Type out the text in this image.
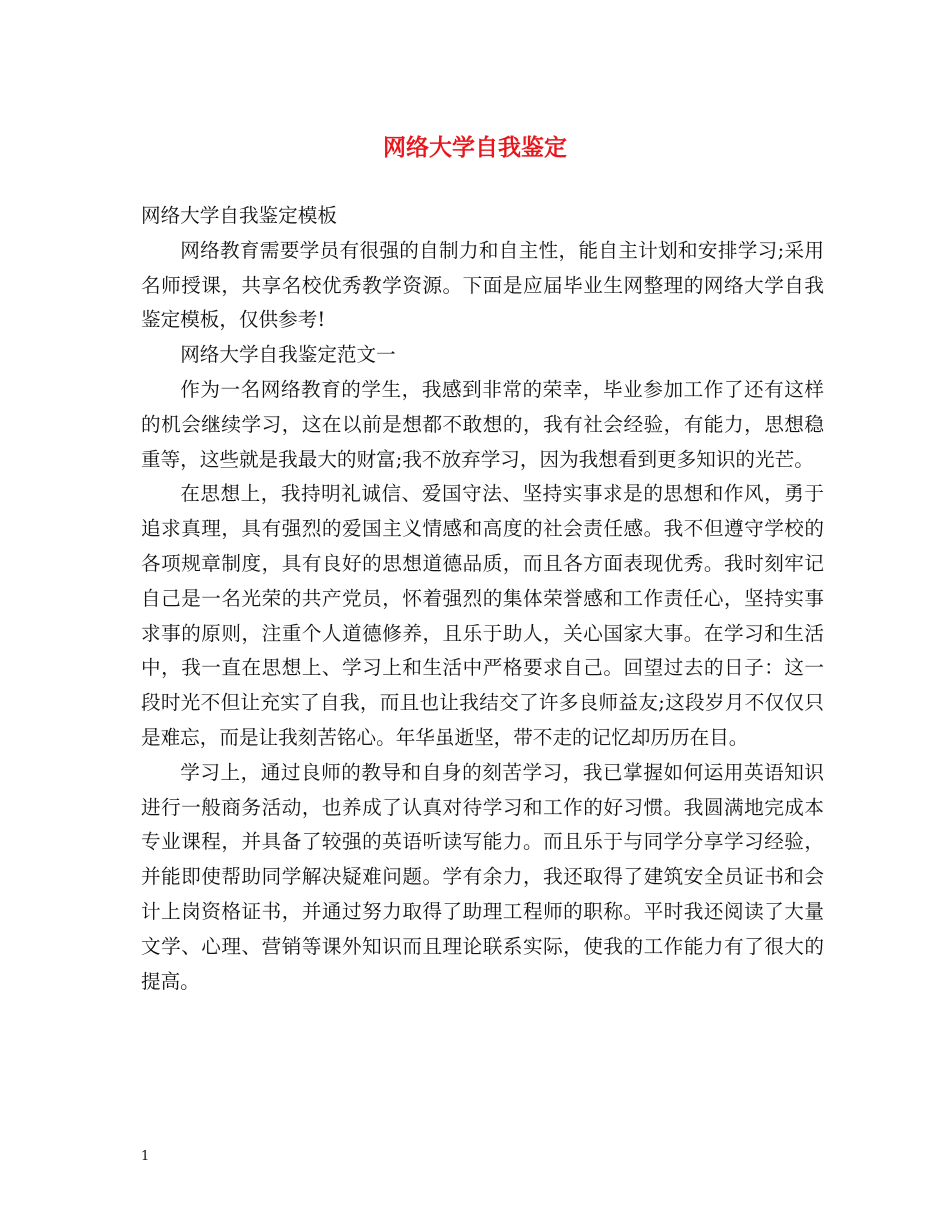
网络大学自我鉴定

网络大学自我鉴定模板

网络教育需要学员有很强的自制力和自主性，能自主计划和安排学习;采用名师授课，共享名校优秀教学资源。下面是应届毕业生网整理的网络大学自我鉴定模板，仅供参考!

网络大学自我鉴定范文一

作为一名网络教育的学生，我感到非常的荣幸，毕业参加工作了还有这样的机会继续学习，这在以前是想都不敢想的，我有社会经验，有能力，思想稳重等，这些就是我最大的财富;我不放弃学习，因为我想看到更多知识的光芒。

在思想上，我持明礼诚信、爱国守法、坚持实事求是的思想和作风，勇于追求真理，具有强烈的爱国主义情感和高度的社会责任感。我不但遵守学校的各项规章制度，具有良好的思想道德品质，而且各方面表现优秀。我时刻牢记自己是一名光荣的共产党员，怀着强烈的集体荣誉感和工作责任心，坚持实事求事的原则，注重个人道德修养，且乐于助人，关心国家大事。在学习和生活中，我一直在思想上、学习上和生活中严格要求自己。回望过去的日子：这一段时光不但让充实了自我，而且也让我结交了许多良师益友;这段岁月不仅仅只是难忘，而是让我刻苦铭心。年华虽逝坚，带不走的记忆却历历在目。

学习上，通过良师的教导和自身的刻苦学习，我已掌握如何运用英语知识进行一般商务活动，也养成了认真对待学习和工作的好习惯。我圆满地完成本专业课程，并具备了较强的英语听读写能力。而且乐于与同学分享学习经验，并能即使帮助同学解决疑难问题。学有余力，我还取得了建筑安全员证书和会计上岗资格证书，并通过努力取得了助理工程师的职称。平时我还阅读了大量文学、心理、营销等课外知识而且理论联系实际，使我的工作能力有了很大的提高。

1
